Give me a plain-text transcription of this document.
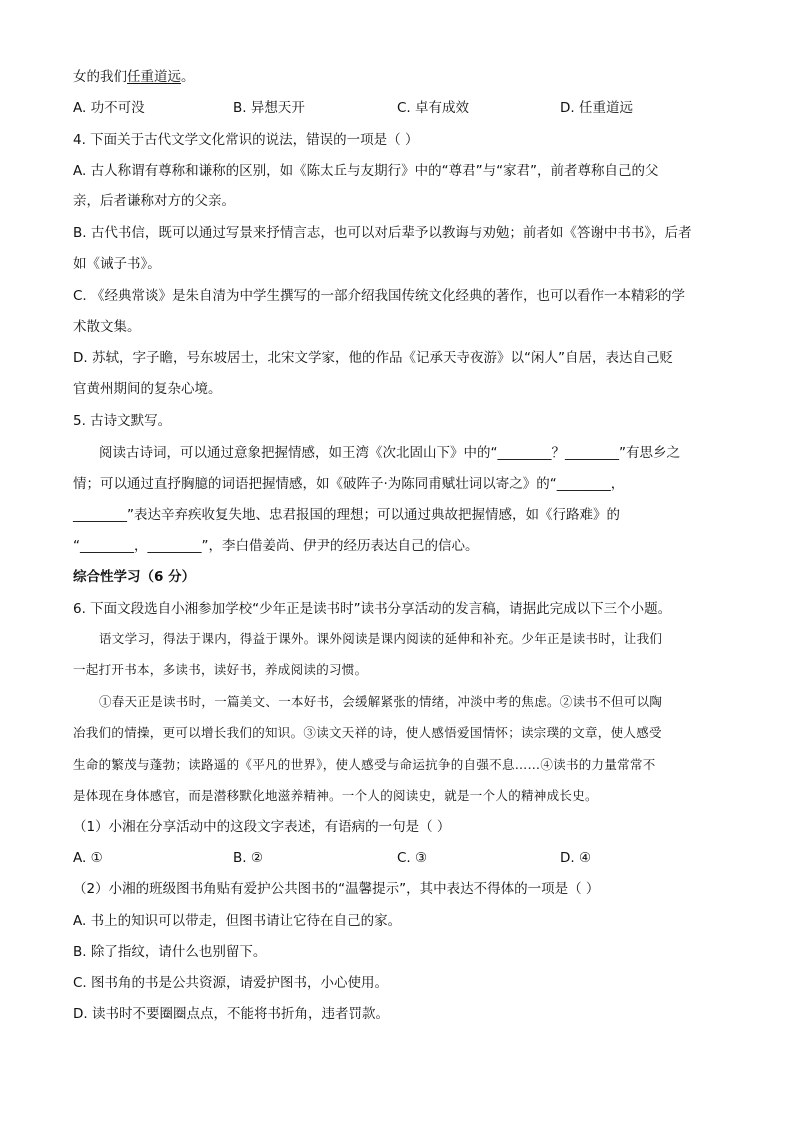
女的我们任重道远。
A. 功不可没	B. 异想天开	C. 卓有成效	D. 任重道远
4. 下面关于古代文学文化常识的说法，错误的一项是（ ）
A. 古人称谓有尊称和谦称的区别，如《陈太丘与友期行》中的“尊君”与“家君”，前者尊称自己的父
亲，后者谦称对方的父亲。
B. 古代书信，既可以通过写景来抒情言志，也可以对后辈予以教诲与劝勉；前者如《答谢中书书》，后者
如《诫子书》。
C. 《经典常谈》是朱自清为中学生撰写的一部介绍我国传统文化经典的著作，也可以看作一本精彩的学
术散文集。
D. 苏轼，字子瞻，号东坡居士，北宋文学家，他的作品《记承天寺夜游》以“闲人”自居，表达自己贬
官黄州期间的复杂心境。
5. 古诗文默写。
阅读古诗词，可以通过意象把握情感，如王湾《次北固山下》中的“________？________”有思乡之
情；可以通过直抒胸臆的词语把握情感，如《破阵子·为陈同甫赋壮词以寄之》的“________，
________”表达辛弃疾收复失地、忠君报国的理想；可以通过典故把握情感，如《行路难》的
“________，________”，李白借姜尚、伊尹的经历表达自己的信心。
综合性学习（6 分）
6. 下面文段选自小湘参加学校“少年正是读书时”读书分享活动的发言稿，请据此完成以下三个小题。
语文学习，得法于课内，得益于课外。课外阅读是课内阅读的延伸和补充。少年正是读书时，让我们
一起打开书本，多读书，读好书，养成阅读的习惯。
①春天正是读书时，一篇美文、一本好书，会缓解紧张的情绪，冲淡中考的焦虑。②读书不但可以陶
冶我们的情操，更可以增长我们的知识。③读文天祥的诗，使人感悟爱国情怀；读宗璞的文章，使人感受
生命的繁茂与蓬勃；读路遥的《平凡的世界》，使人感受与命运抗争的自强不息……④读书的力量常常不
是体现在身体感官，而是潜移默化地滋养精神。一个人的阅读史，就是一个人的精神成长史。
（1）小湘在分享活动中的这段文字表述，有语病的一句是（ ）
A. ①	B. ②	C. ③	D. ④
（2）小湘的班级图书角贴有爱护公共图书的“温馨提示”，其中表达不得体的一项是（ ）
A. 书上的知识可以带走，但图书请让它待在自己的家。
B. 除了指纹，请什么也别留下。
C. 图书角的书是公共资源，请爱护图书，小心使用。
D. 读书时不要圈圈点点，不能将书折角，违者罚款。
